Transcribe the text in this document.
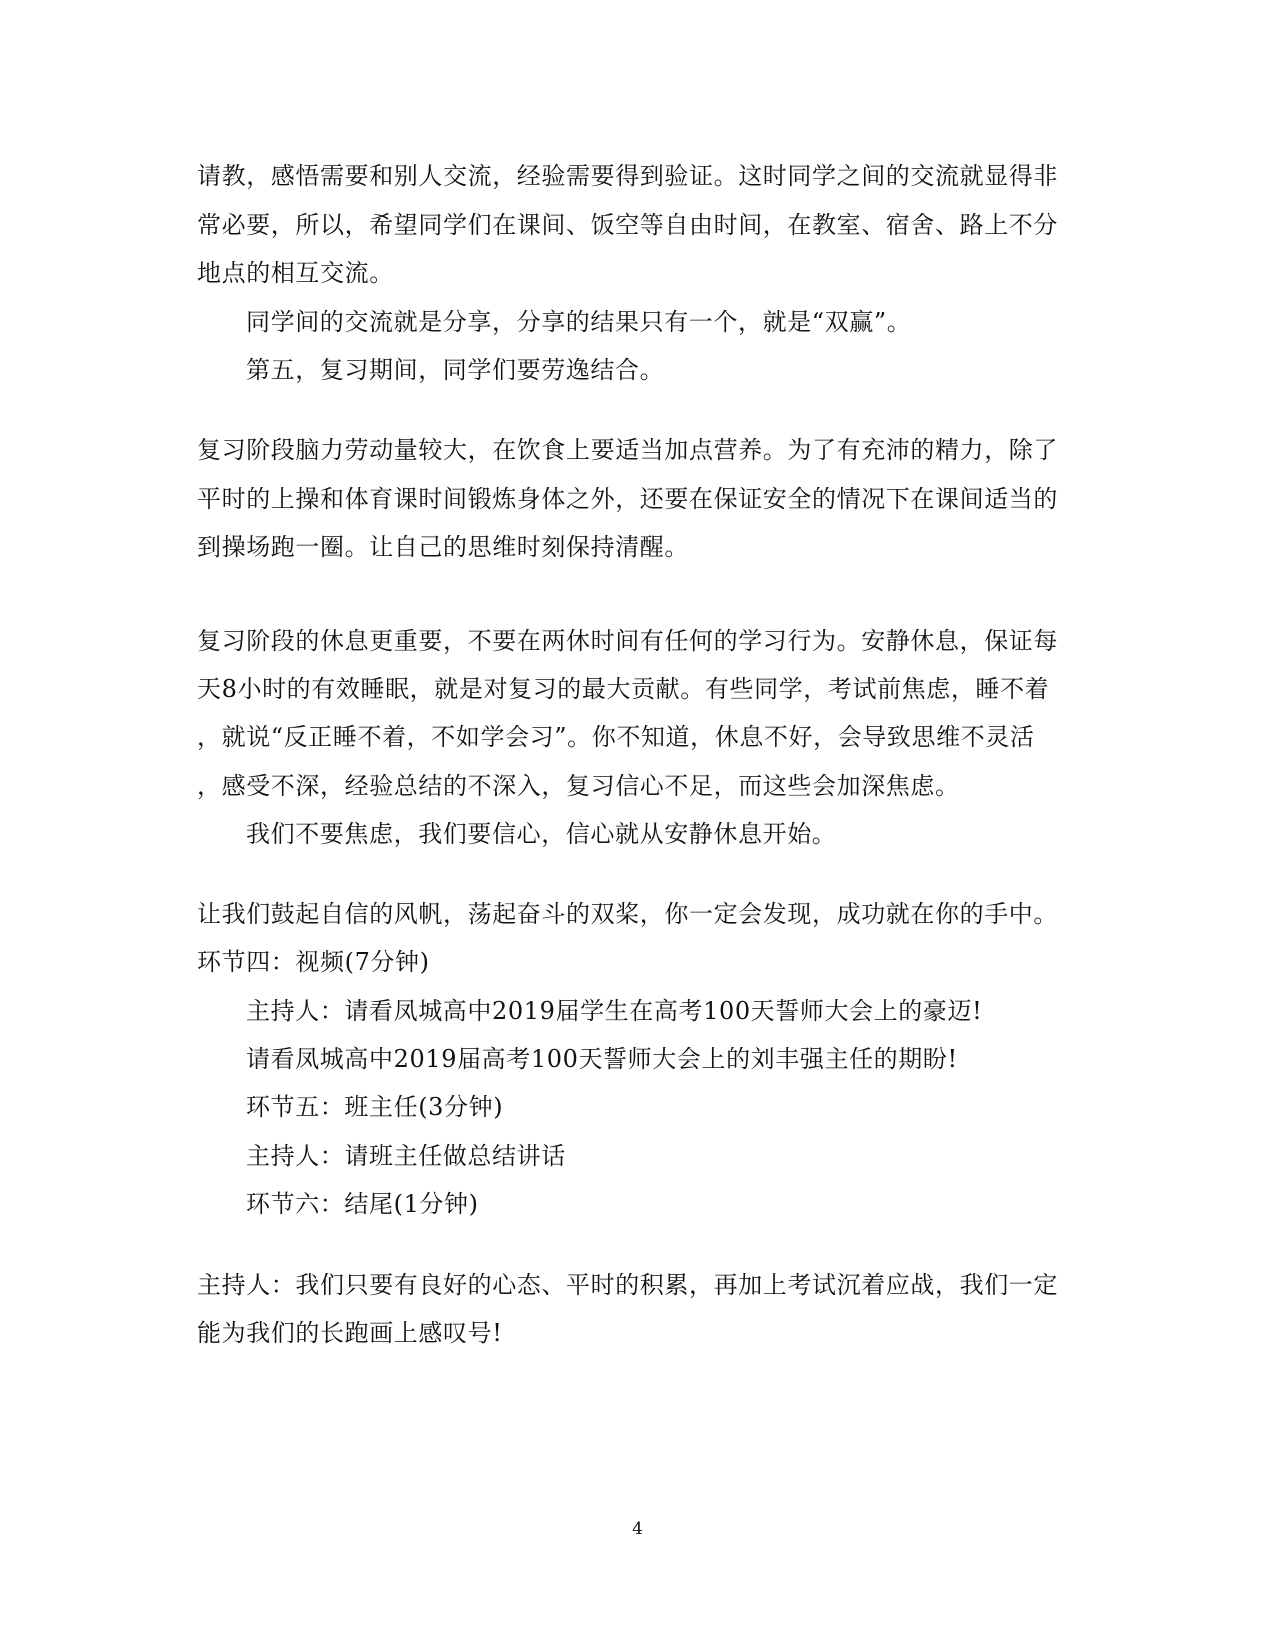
请教，感悟需要和别人交流，经验需要得到验证。这时同学之间的交流就显得非
常必要，所以，希望同学们在课间、饭空等自由时间，在教室、宿舍、路上不分
地点的相互交流。
同学间的交流就是分享，分享的结果只有一个，就是“双赢”。
第五，复习期间，同学们要劳逸结合。
复习阶段脑力劳动量较大，在饮食上要适当加点营养。为了有充沛的精力，除了
平时的上操和体育课时间锻炼身体之外，还要在保证安全的情况下在课间适当的
到操场跑一圈。让自己的思维时刻保持清醒。
复习阶段的休息更重要，不要在两休时间有任何的学习行为。安静休息，保证每
天8小时的有效睡眠，就是对复习的最大贡献。有些同学，考试前焦虑，睡不着
，就说“反正睡不着，不如学会习”。你不知道，休息不好，会导致思维不灵活
，感受不深，经验总结的不深入，复习信心不足，而这些会加深焦虑。
我们不要焦虑，我们要信心，信心就从安静休息开始。
让我们鼓起自信的风帆，荡起奋斗的双桨，你一定会发现，成功就在你的手中。
环节四：视频(7分钟)
主持人：请看凤城高中2019届学生在高考100天誓师大会上的豪迈!
请看凤城高中2019届高考100天誓师大会上的刘丰强主任的期盼!
环节五：班主任(3分钟)
主持人：请班主任做总结讲话
环节六：结尾(1分钟)
主持人：我们只要有良好的心态、平时的积累，再加上考试沉着应战，我们一定
能为我们的长跑画上感叹号!
4
